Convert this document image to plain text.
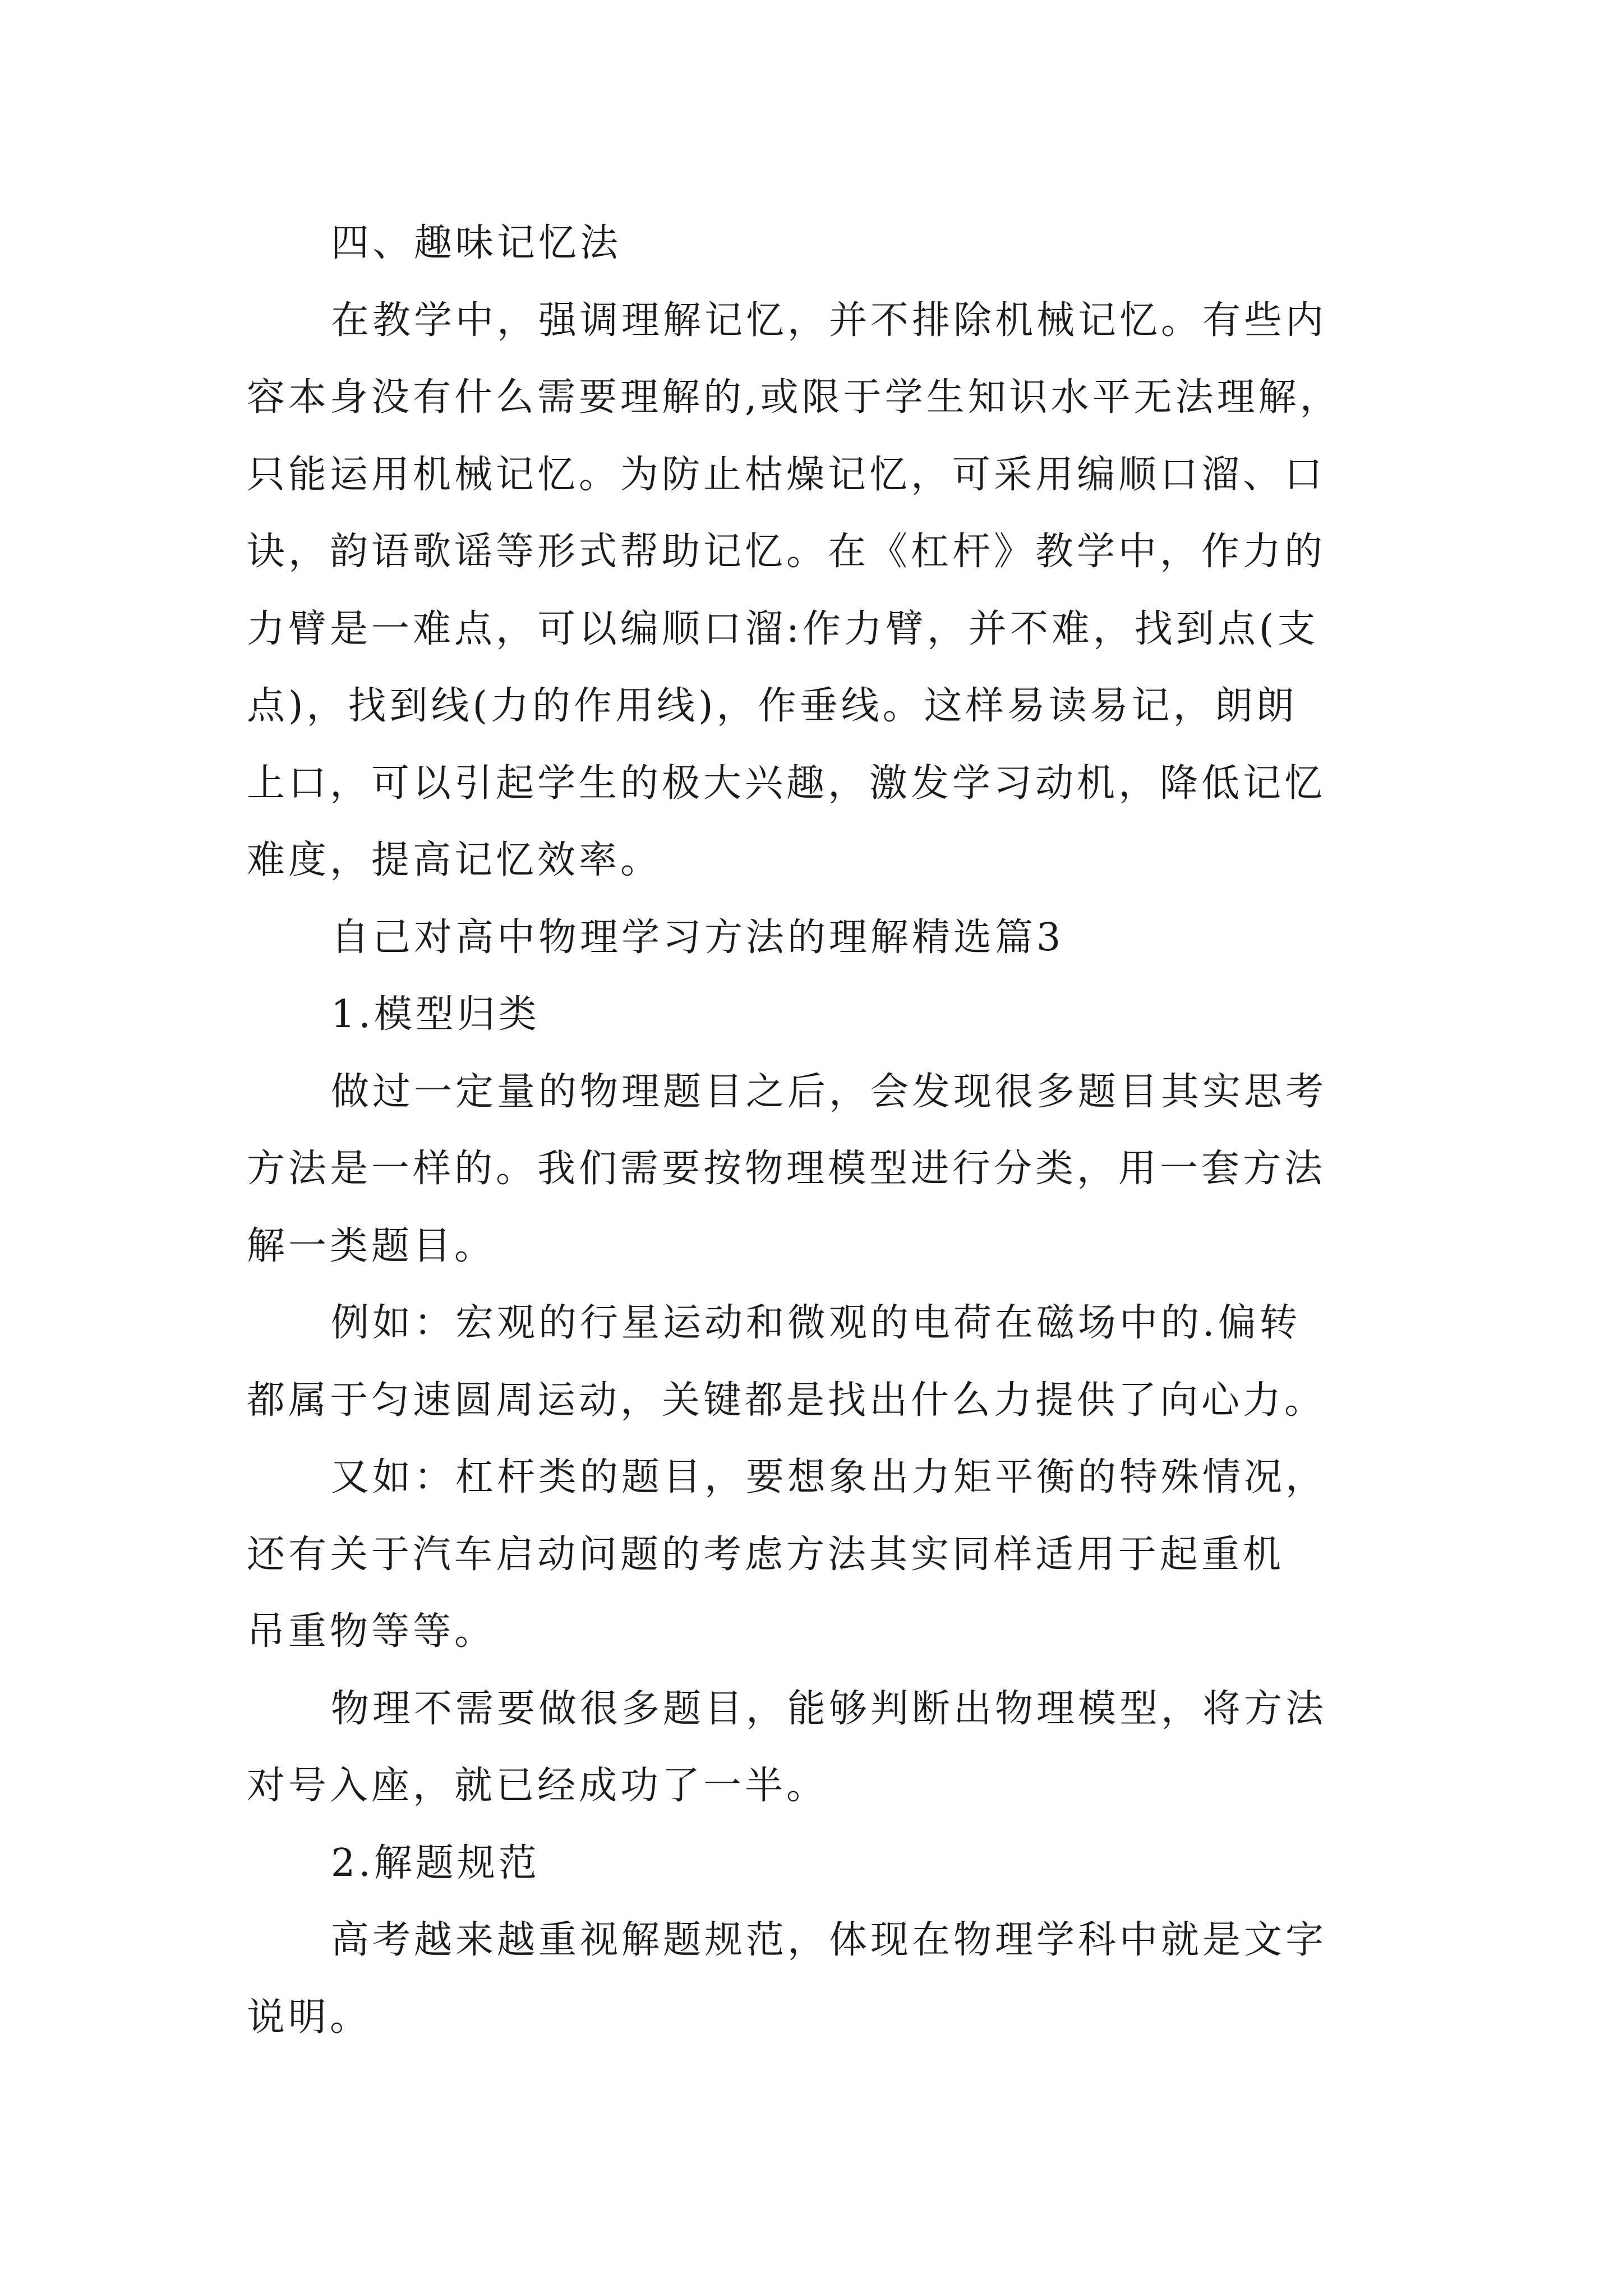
四、趣味记忆法
在教学中，强调理解记忆，并不排除机械记忆。有些内
容本身没有什么需要理解的,或限于学生知识水平无法理解，
只能运用机械记忆。为防止枯燥记忆，可采用编顺口溜、口
诀，韵语歌谣等形式帮助记忆。在《杠杆》教学中，作力的
力臂是一难点，可以编顺口溜:作力臂，并不难，找到点(支
点)，找到线(力的作用线)，作垂线。这样易读易记，朗朗
上口，可以引起学生的极大兴趣，激发学习动机，降低记忆
难度，提高记忆效率。
自己对高中物理学习方法的理解精选篇3
1.模型归类
做过一定量的物理题目之后，会发现很多题目其实思考
方法是一样的。我们需要按物理模型进行分类，用一套方法
解一类题目。
例如：宏观的行星运动和微观的电荷在磁场中的.偏转
都属于匀速圆周运动，关键都是找出什么力提供了向心力。
又如：杠杆类的题目，要想象出力矩平衡的特殊情况，
还有关于汽车启动问题的考虑方法其实同样适用于起重机
吊重物等等。
物理不需要做很多题目，能够判断出物理模型，将方法
对号入座，就已经成功了一半。
2.解题规范
高考越来越重视解题规范，体现在物理学科中就是文字
说明。
